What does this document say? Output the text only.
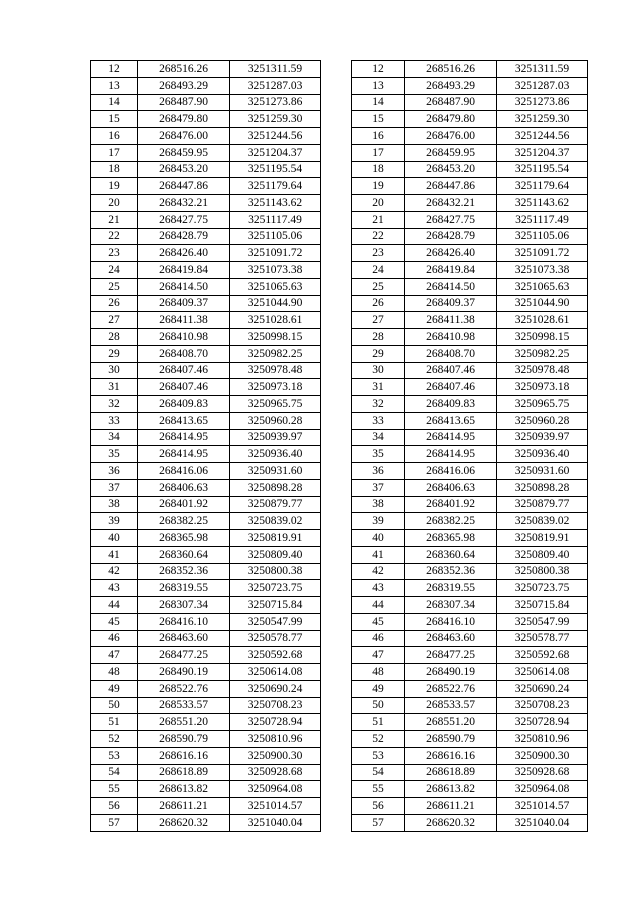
12	268516.26	3251311.59
13	268493.29	3251287.03
14	268487.90	3251273.86
15	268479.80	3251259.30
16	268476.00	3251244.56
17	268459.95	3251204.37
18	268453.20	3251195.54
19	268447.86	3251179.64
20	268432.21	3251143.62
21	268427.75	3251117.49
22	268428.79	3251105.06
23	268426.40	3251091.72
24	268419.84	3251073.38
25	268414.50	3251065.63
26	268409.37	3251044.90
27	268411.38	3251028.61
28	268410.98	3250998.15
29	268408.70	3250982.25
30	268407.46	3250978.48
31	268407.46	3250973.18
32	268409.83	3250965.75
33	268413.65	3250960.28
34	268414.95	3250939.97
35	268414.95	3250936.40
36	268416.06	3250931.60
37	268406.63	3250898.28
38	268401.92	3250879.77
39	268382.25	3250839.02
40	268365.98	3250819.91
41	268360.64	3250809.40
42	268352.36	3250800.38
43	268319.55	3250723.75
44	268307.34	3250715.84
45	268416.10	3250547.99
46	268463.60	3250578.77
47	268477.25	3250592.68
48	268490.19	3250614.08
49	268522.76	3250690.24
50	268533.57	3250708.23
51	268551.20	3250728.94
52	268590.79	3250810.96
53	268616.16	3250900.30
54	268618.89	3250928.68
55	268613.82	3250964.08
56	268611.21	3251014.57
57	268620.32	3251040.04
12	268516.26	3251311.59
13	268493.29	3251287.03
14	268487.90	3251273.86
15	268479.80	3251259.30
16	268476.00	3251244.56
17	268459.95	3251204.37
18	268453.20	3251195.54
19	268447.86	3251179.64
20	268432.21	3251143.62
21	268427.75	3251117.49
22	268428.79	3251105.06
23	268426.40	3251091.72
24	268419.84	3251073.38
25	268414.50	3251065.63
26	268409.37	3251044.90
27	268411.38	3251028.61
28	268410.98	3250998.15
29	268408.70	3250982.25
30	268407.46	3250978.48
31	268407.46	3250973.18
32	268409.83	3250965.75
33	268413.65	3250960.28
34	268414.95	3250939.97
35	268414.95	3250936.40
36	268416.06	3250931.60
37	268406.63	3250898.28
38	268401.92	3250879.77
39	268382.25	3250839.02
40	268365.98	3250819.91
41	268360.64	3250809.40
42	268352.36	3250800.38
43	268319.55	3250723.75
44	268307.34	3250715.84
45	268416.10	3250547.99
46	268463.60	3250578.77
47	268477.25	3250592.68
48	268490.19	3250614.08
49	268522.76	3250690.24
50	268533.57	3250708.23
51	268551.20	3250728.94
52	268590.79	3250810.96
53	268616.16	3250900.30
54	268618.89	3250928.68
55	268613.82	3250964.08
56	268611.21	3251014.57
57	268620.32	3251040.04
